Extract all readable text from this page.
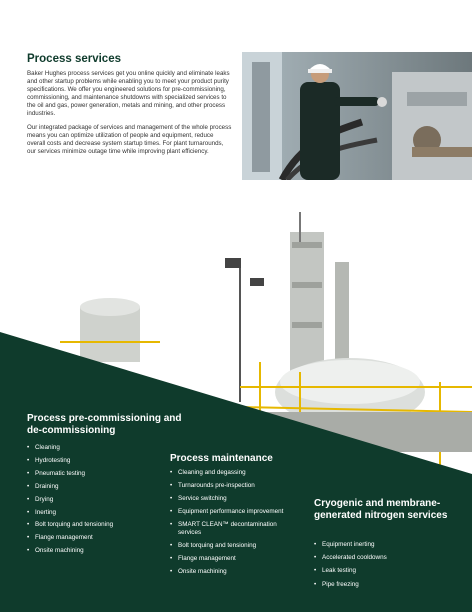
Process services

Baker Hughes process services get you online quickly and eliminate leaks and other startup problems while enabling you to meet your product purity specifications. We offer you engineered solutions for pre-commissioning, commissioning, and maintenance shutdowns with specialized services to the oil and gas, power generation, metals and mining, and other process industries.

Our integrated package of services and management of the whole process means you can optimize utilization of people and equipment, reduce overall costs and decrease system startup times. For plant turnarounds, our services minimize outage time while improving plant efficiency.

Process pre-commissioning and de-commissioning
• Cleaning
• Hydrotesting
• Pneumatic testing
• Draining
• Drying
• Inerting
• Bolt torquing and tensioning
• Flange management
• Onsite machining
Process maintenance
• Cleaning and degassing
• Turnarounds pre-inspection
• Service switching
• Equipment performance improvement
• SMART CLEAN™ decontamination services
• Bolt torquing and tensioning
• Flange management
• Onsite machining
Cryogenic and membrane-generated nitrogen services
• Equipment inerting
• Accelerated cooldowns
• Leak testing
• Pipe freezing
